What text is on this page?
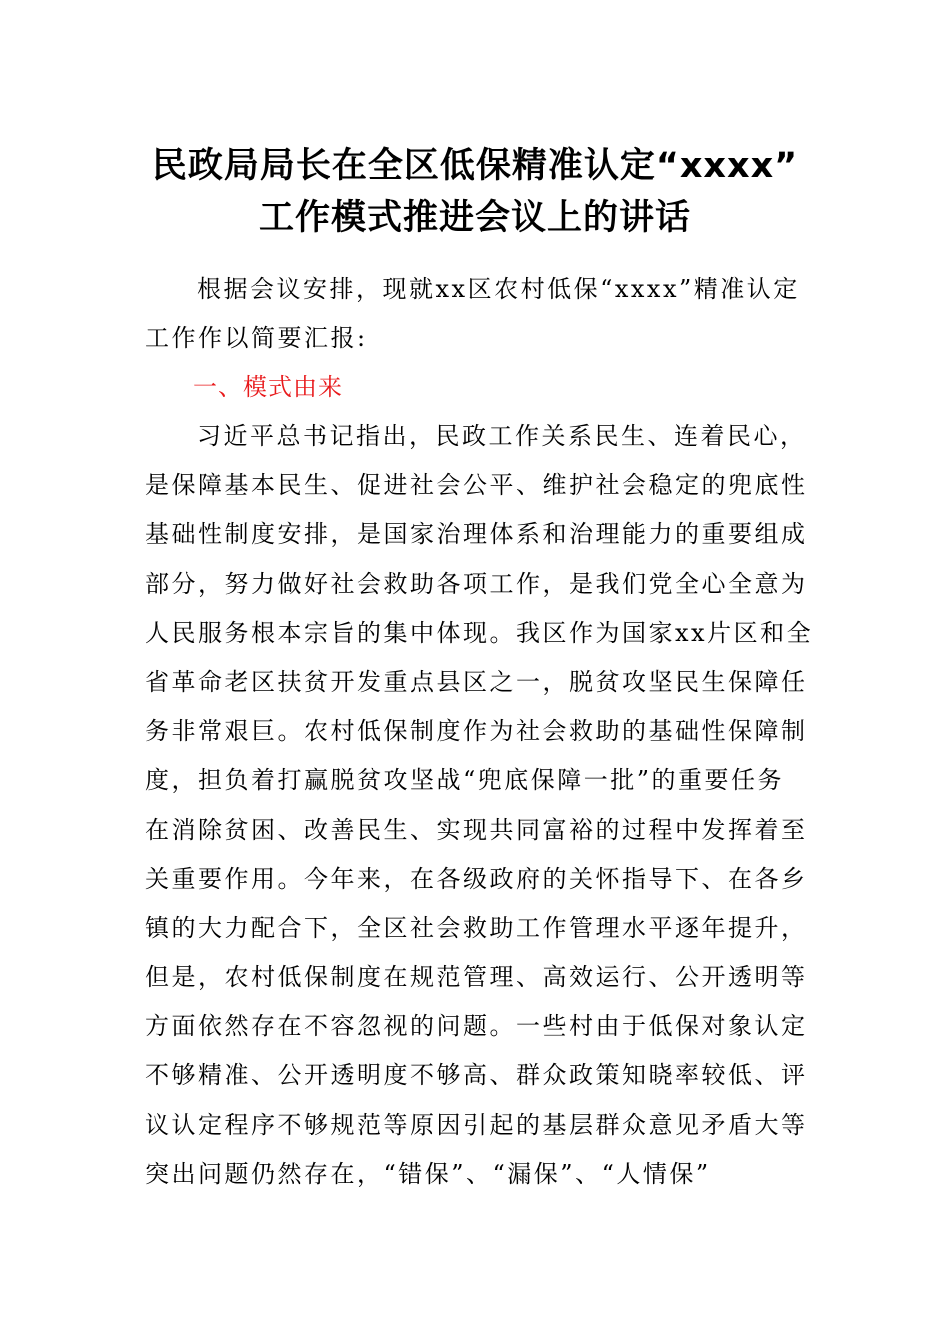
民政局局长在全区低保精准认定“xxxx”
工作模式推进会议上的讲话
根据会议安排，现就xx区农村低保“xxxx”精准认定
工作作以简要汇报:
一、模式由来
习近平总书记指出，民政工作关系民生、连着民心，
是保障基本民生、促进社会公平、维护社会稳定的兜底性
基础性制度安排，是国家治理体系和治理能力的重要组成
部分，努力做好社会救助各项工作，是我们党全心全意为
人民服务根本宗旨的集中体现。我区作为国家xx片区和全
省革命老区扶贫开发重点县区之一，脱贫攻坚民生保障任
务非常艰巨。农村低保制度作为社会救助的基础性保障制
度，担负着打赢脱贫攻坚战“兜底保障一批”的重要任务
在消除贫困、改善民生、实现共同富裕的过程中发挥着至
关重要作用。今年来，在各级政府的关怀指导下、在各乡
镇的大力配合下，全区社会救助工作管理水平逐年提升，
但是，农村低保制度在规范管理、高效运行、公开透明等
方面依然存在不容忽视的问题。一些村由于低保对象认定
不够精准、公开透明度不够高、群众政策知晓率较低、评
议认定程序不够规范等原因引起的基层群众意见矛盾大等
突出问题仍然存在，“错保”、“漏保”、“人情保”
